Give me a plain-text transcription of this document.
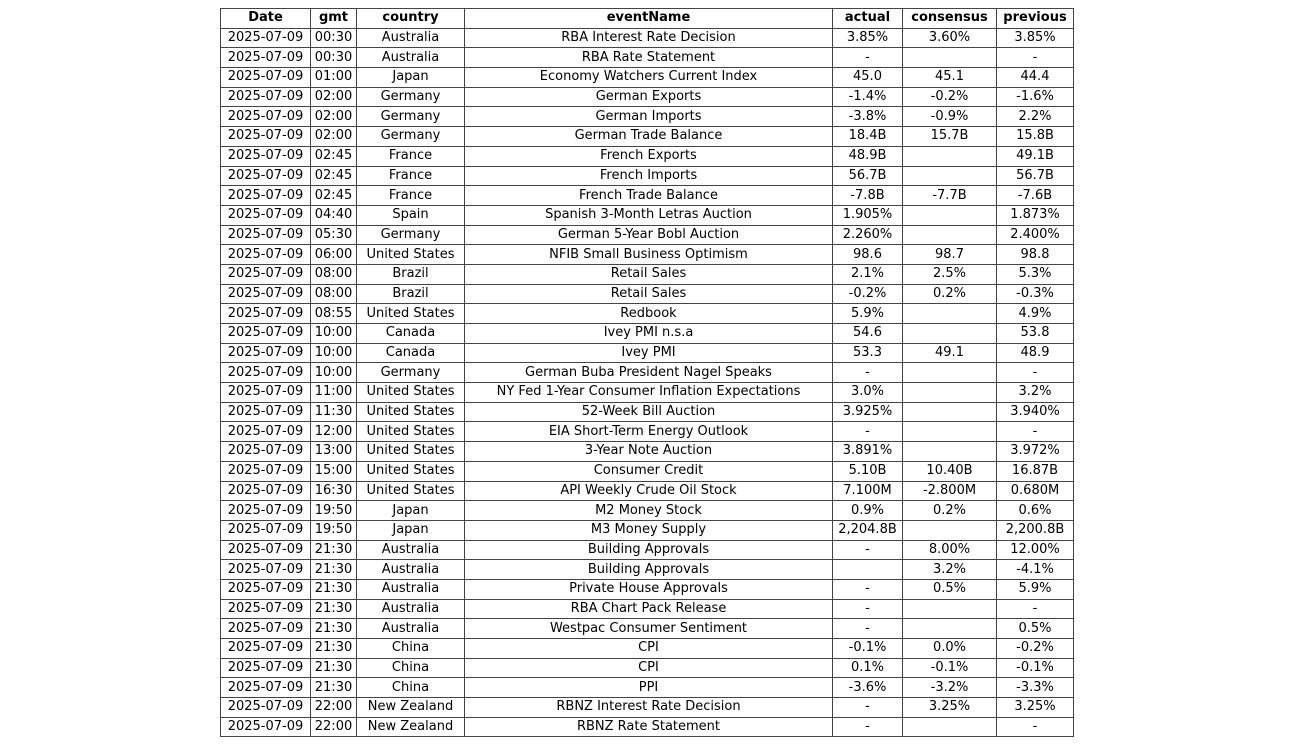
Date	gmt	country	eventName	actual	consensus	previous
2025-07-09	00:30	Australia	RBA Interest Rate Decision	3.85%	3.60%	3.85%
2025-07-09	00:30	Australia	RBA Rate Statement	-		-
2025-07-09	01:00	Japan	Economy Watchers Current Index	45.0	45.1	44.4
2025-07-09	02:00	Germany	German Exports	-1.4%	-0.2%	-1.6%
2025-07-09	02:00	Germany	German Imports	-3.8%	-0.9%	2.2%
2025-07-09	02:00	Germany	German Trade Balance	18.4B	15.7B	15.8B
2025-07-09	02:45	France	French Exports	48.9B		49.1B
2025-07-09	02:45	France	French Imports	56.7B		56.7B
2025-07-09	02:45	France	French Trade Balance	-7.8B	-7.7B	-7.6B
2025-07-09	04:40	Spain	Spanish 3-Month Letras Auction	1.905%		1.873%
2025-07-09	05:30	Germany	German 5-Year Bobl Auction	2.260%		2.400%
2025-07-09	06:00	United States	NFIB Small Business Optimism	98.6	98.7	98.8
2025-07-09	08:00	Brazil	Retail Sales	2.1%	2.5%	5.3%
2025-07-09	08:00	Brazil	Retail Sales	-0.2%	0.2%	-0.3%
2025-07-09	08:55	United States	Redbook	5.9%		4.9%
2025-07-09	10:00	Canada	Ivey PMI n.s.a	54.6		53.8
2025-07-09	10:00	Canada	Ivey PMI	53.3	49.1	48.9
2025-07-09	10:00	Germany	German Buba President Nagel Speaks	-		-
2025-07-09	11:00	United States	NY Fed 1-Year Consumer Inflation Expectations	3.0%		3.2%
2025-07-09	11:30	United States	52-Week Bill Auction	3.925%		3.940%
2025-07-09	12:00	United States	EIA Short-Term Energy Outlook	-		-
2025-07-09	13:00	United States	3-Year Note Auction	3.891%		3.972%
2025-07-09	15:00	United States	Consumer Credit	5.10B	10.40B	16.87B
2025-07-09	16:30	United States	API Weekly Crude Oil Stock	7.100M	-2.800M	0.680M
2025-07-09	19:50	Japan	M2 Money Stock	0.9%	0.2%	0.6%
2025-07-09	19:50	Japan	M3 Money Supply	2,204.8B		2,200.8B
2025-07-09	21:30	Australia	Building Approvals	-	8.00%	12.00%
2025-07-09	21:30	Australia	Building Approvals		3.2%	-4.1%
2025-07-09	21:30	Australia	Private House Approvals	-	0.5%	5.9%
2025-07-09	21:30	Australia	RBA Chart Pack Release	-		-
2025-07-09	21:30	Australia	Westpac Consumer Sentiment	-		0.5%
2025-07-09	21:30	China	CPI	-0.1%	0.0%	-0.2%
2025-07-09	21:30	China	CPI	0.1%	-0.1%	-0.1%
2025-07-09	21:30	China	PPI	-3.6%	-3.2%	-3.3%
2025-07-09	22:00	New Zealand	RBNZ Interest Rate Decision	-	3.25%	3.25%
2025-07-09	22:00	New Zealand	RBNZ Rate Statement	-		-
